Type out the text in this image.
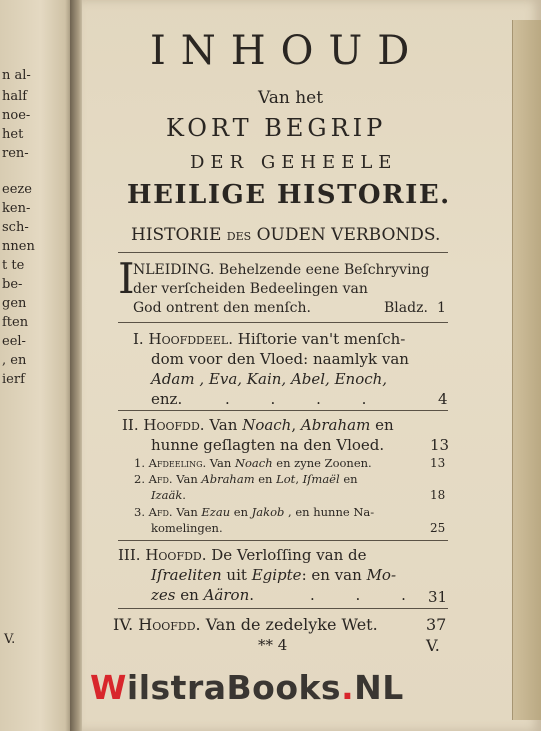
n al-
half
noe-
het
ren-
eeze
ken-
sch-
nnen
t te
be-
gen
ften
eel-
, en
ierf
V.
INHOUD
Van het
KORT BEGRIP
DER GEHEELE
HEILIGE HISTORIE.
HISTORIE DES OUDEN VERBONDS.
I
NLEIDING. Behelzende eene Beſchryving
der verſcheiden Bedeelingen van
God ontrent den menſch.	Bladz. 1
I. Hoofddeel. Hiſtorie van't menſch-
dom voor den Vloed: naamlyk van
Adam , Eva, Kain, Abel, Enoch,
enz.	. . . .	4
II. Hoofdd. Van Noach, Abraham en
hunne geſlagten na den Vloed.	13
1. Afdeeling. Van Noach en zyne Zoonen.	13
2. Afd. Van Abraham en Lot, Iſmaël en
Izaäk.	18
3. Afd. Van Ezau en Jakob , en hunne Na-
komelingen.	25
III. Hoofdd. De Verloſſing van de
Iſraeliten uit Egipte: en van Mo-
zes en Aäron.	. . . 31
IV. Hoofdd. Van de zedelyke Wet.	37
** 4	V.
WilstraBooks.NL
